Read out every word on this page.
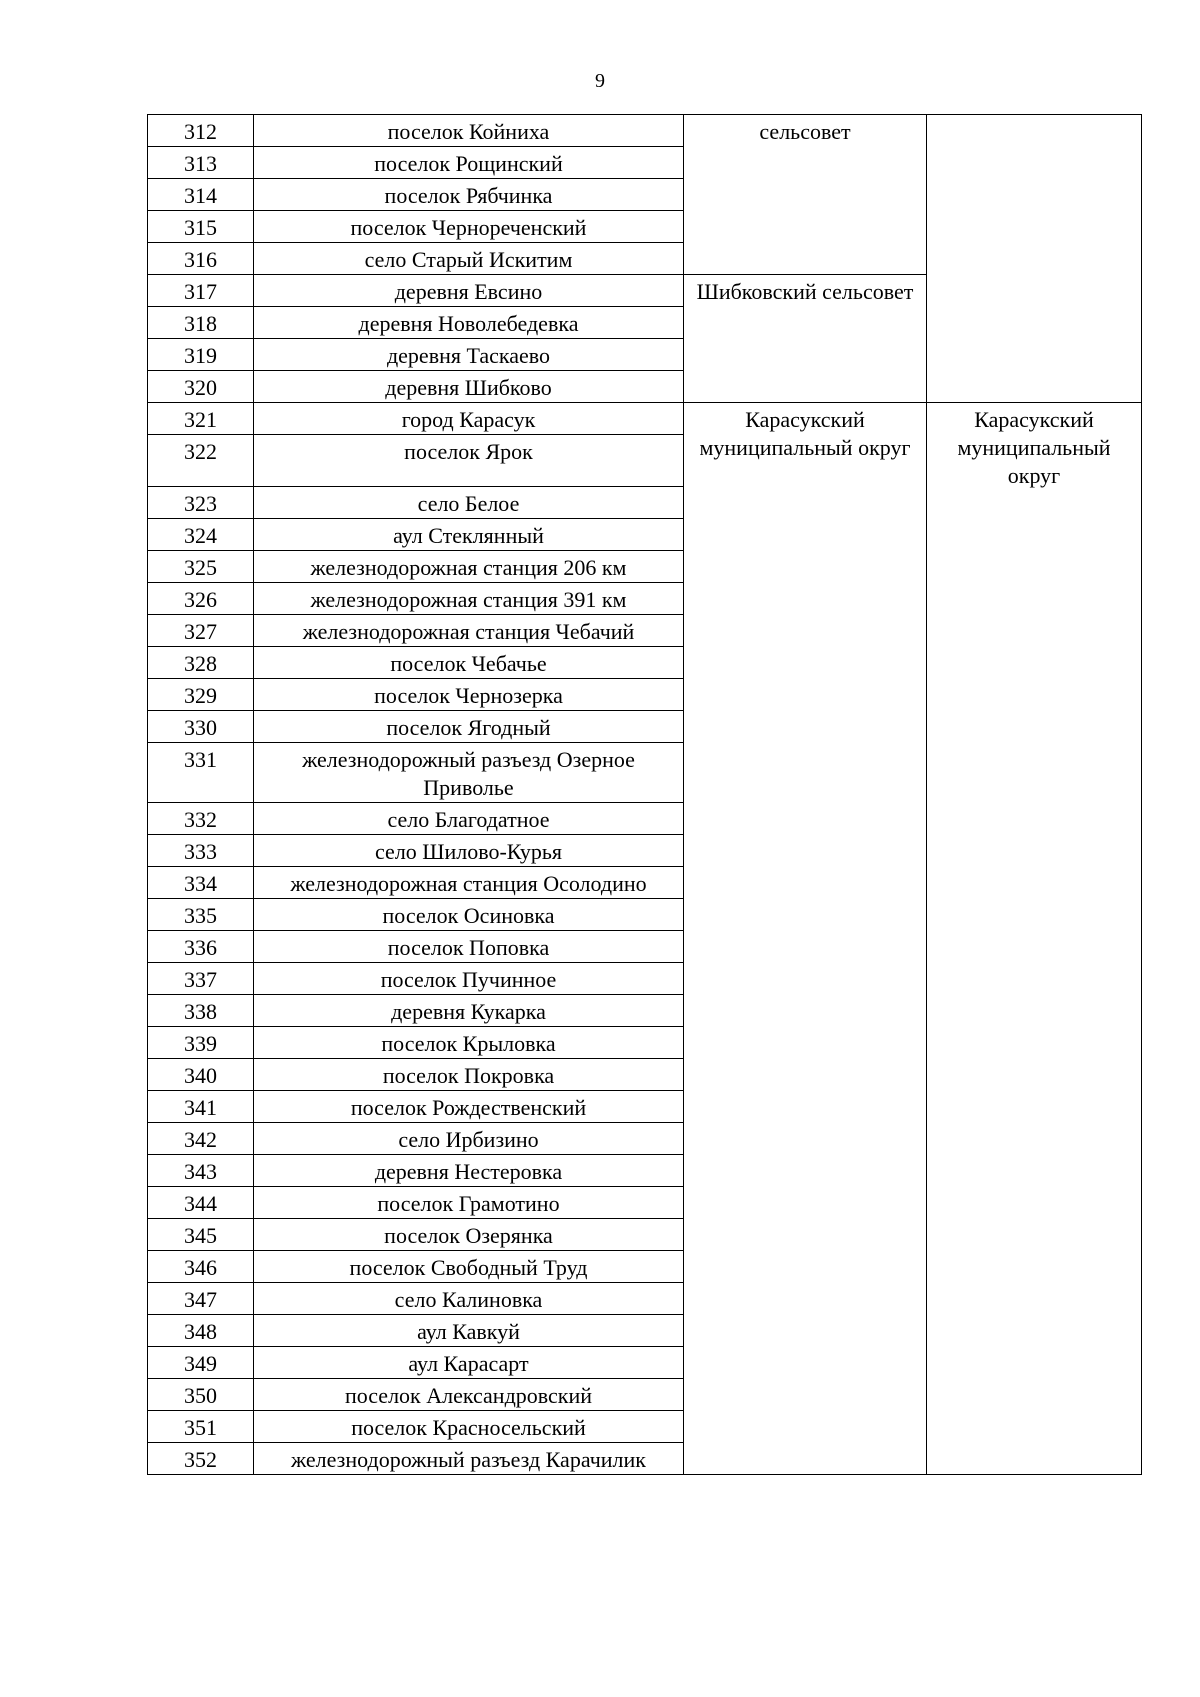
9
312	поселок Койниха	сельсовет	
313	поселок Рощинский		
314	поселок Рябчинка		
315	поселок Чернореченский		
316	село Старый Искитим		
317	деревня Евсино	Шибковский сельсовет	
318	деревня Новолебедевка		
319	деревня Таскаево		
320	деревня Шибково		
321	город Карасук	Карасукский муниципальный округ	Карасукский муниципальный округ
322	поселок Ярок		
323	село Белое		
324	аул Стеклянный		
325	железнодорожная станция 206 км		
326	железнодорожная станция 391 км		
327	железнодорожная станция Чебачий		
328	поселок Чебачье		
329	поселок Чернозерка		
330	поселок Ягодный		
331	железнодорожный разъезд Озерное Приволье		
332	село Благодатное		
333	село Шилово-Курья		
334	железнодорожная станция Осолодино		
335	поселок Осиновка		
336	поселок Поповка		
337	поселок Пучинное		
338	деревня Кукарка		
339	поселок Крыловка		
340	поселок Покровка		
341	поселок Рождественский		
342	село Ирбизино		
343	деревня Нестеровка		
344	поселок Грамотино		
345	поселок Озерянка		
346	поселок Свободный Труд		
347	село Калиновка		
348	аул Кавкуй		
349	аул Карасарт		
350	поселок Александровский		
351	поселок Красносельский		
352	железнодорожный разъезд Карачилик		
